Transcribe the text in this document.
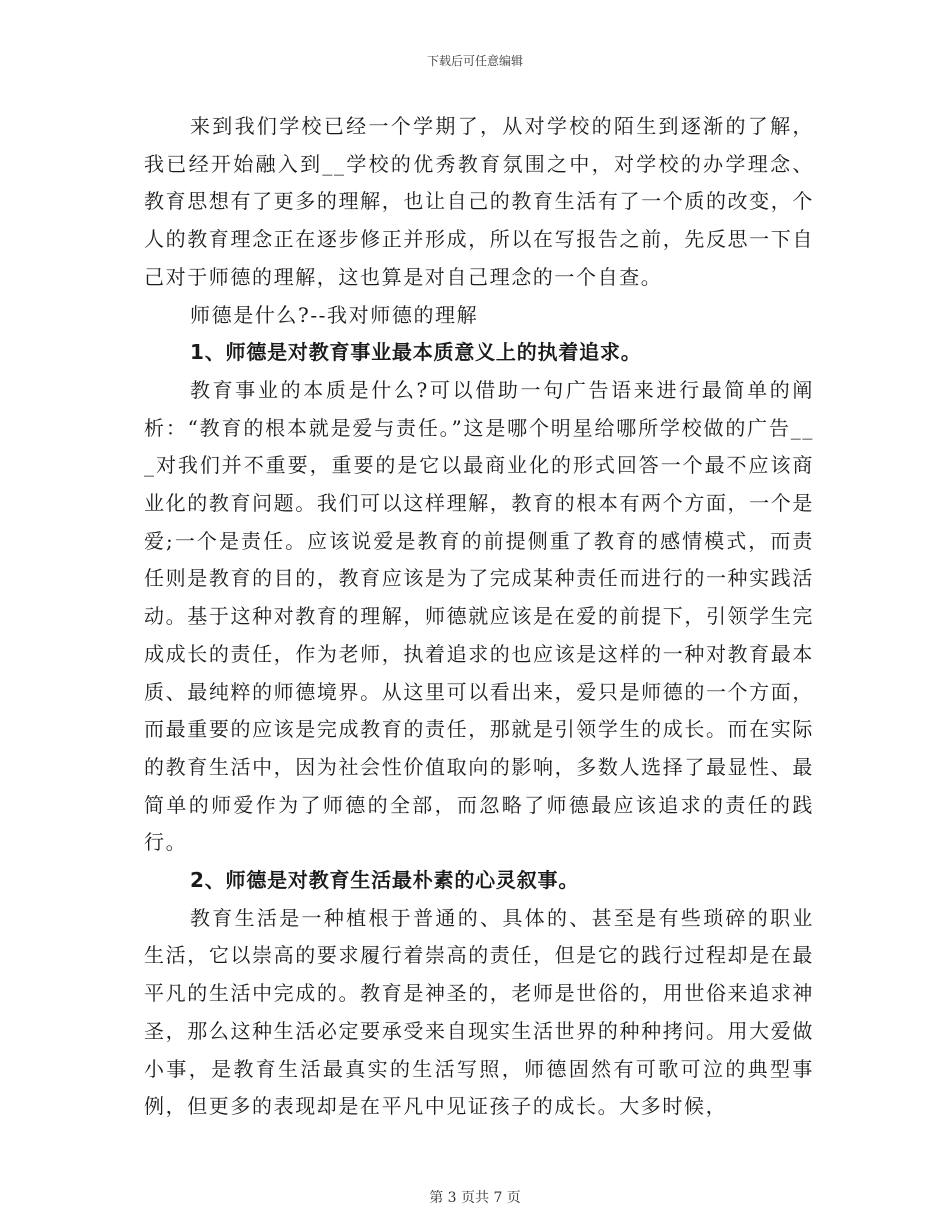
下载后可任意编辑

来到我们学校已经一个学期了，从对学校的陌生到逐渐的了解，我已经开始融入到__学校的优秀教育氛围之中，对学校的办学理念、教育思想有了更多的理解，也让自己的教育生活有了一个质的改变，个人的教育理念正在逐步修正并形成，所以在写报告之前，先反思一下自己对于师德的理解，这也算是对自己理念的一个自查。

师德是什么?--我对师德的理解

1、师德是对教育事业最本质意义上的执着追求。

教育事业的本质是什么?可以借助一句广告语来进行最简单的阐析：“教育的根本就是爱与责任。”这是哪个明星给哪所学校做的广告___对我们并不重要，重要的是它以最商业化的形式回答一个最不应该商业化的教育问题。我们可以这样理解，教育的根本有两个方面，一个是爱;一个是责任。应该说爱是教育的前提侧重了教育的感情模式，而责任则是教育的目的，教育应该是为了完成某种责任而进行的一种实践活动。基于这种对教育的理解，师德就应该是在爱的前提下，引领学生完成成长的责任，作为老师，执着追求的也应该是这样的一种对教育最本质、最纯粹的师德境界。从这里可以看出来，爱只是师德的一个方面，而最重要的应该是完成教育的责任，那就是引领学生的成长。而在实际的教育生活中，因为社会性价值取向的影响，多数人选择了最显性、最简单的师爱作为了师德的全部，而忽略了师德最应该追求的责任的践行。

2、师德是对教育生活最朴素的心灵叙事。

教育生活是一种植根于普通的、具体的、甚至是有些琐碎的职业生活，它以崇高的要求履行着崇高的责任，但是它的践行过程却是在最平凡的生活中完成的。教育是神圣的，老师是世俗的，用世俗来追求神圣，那么这种生活必定要承受来自现实生活世界的种种拷问。用大爱做小事，是教育生活最真实的生活写照，师德固然有可歌可泣的典型事例，但更多的表现却是在平凡中见证孩子的成长。大多时候，

第 3 页共 7 页
